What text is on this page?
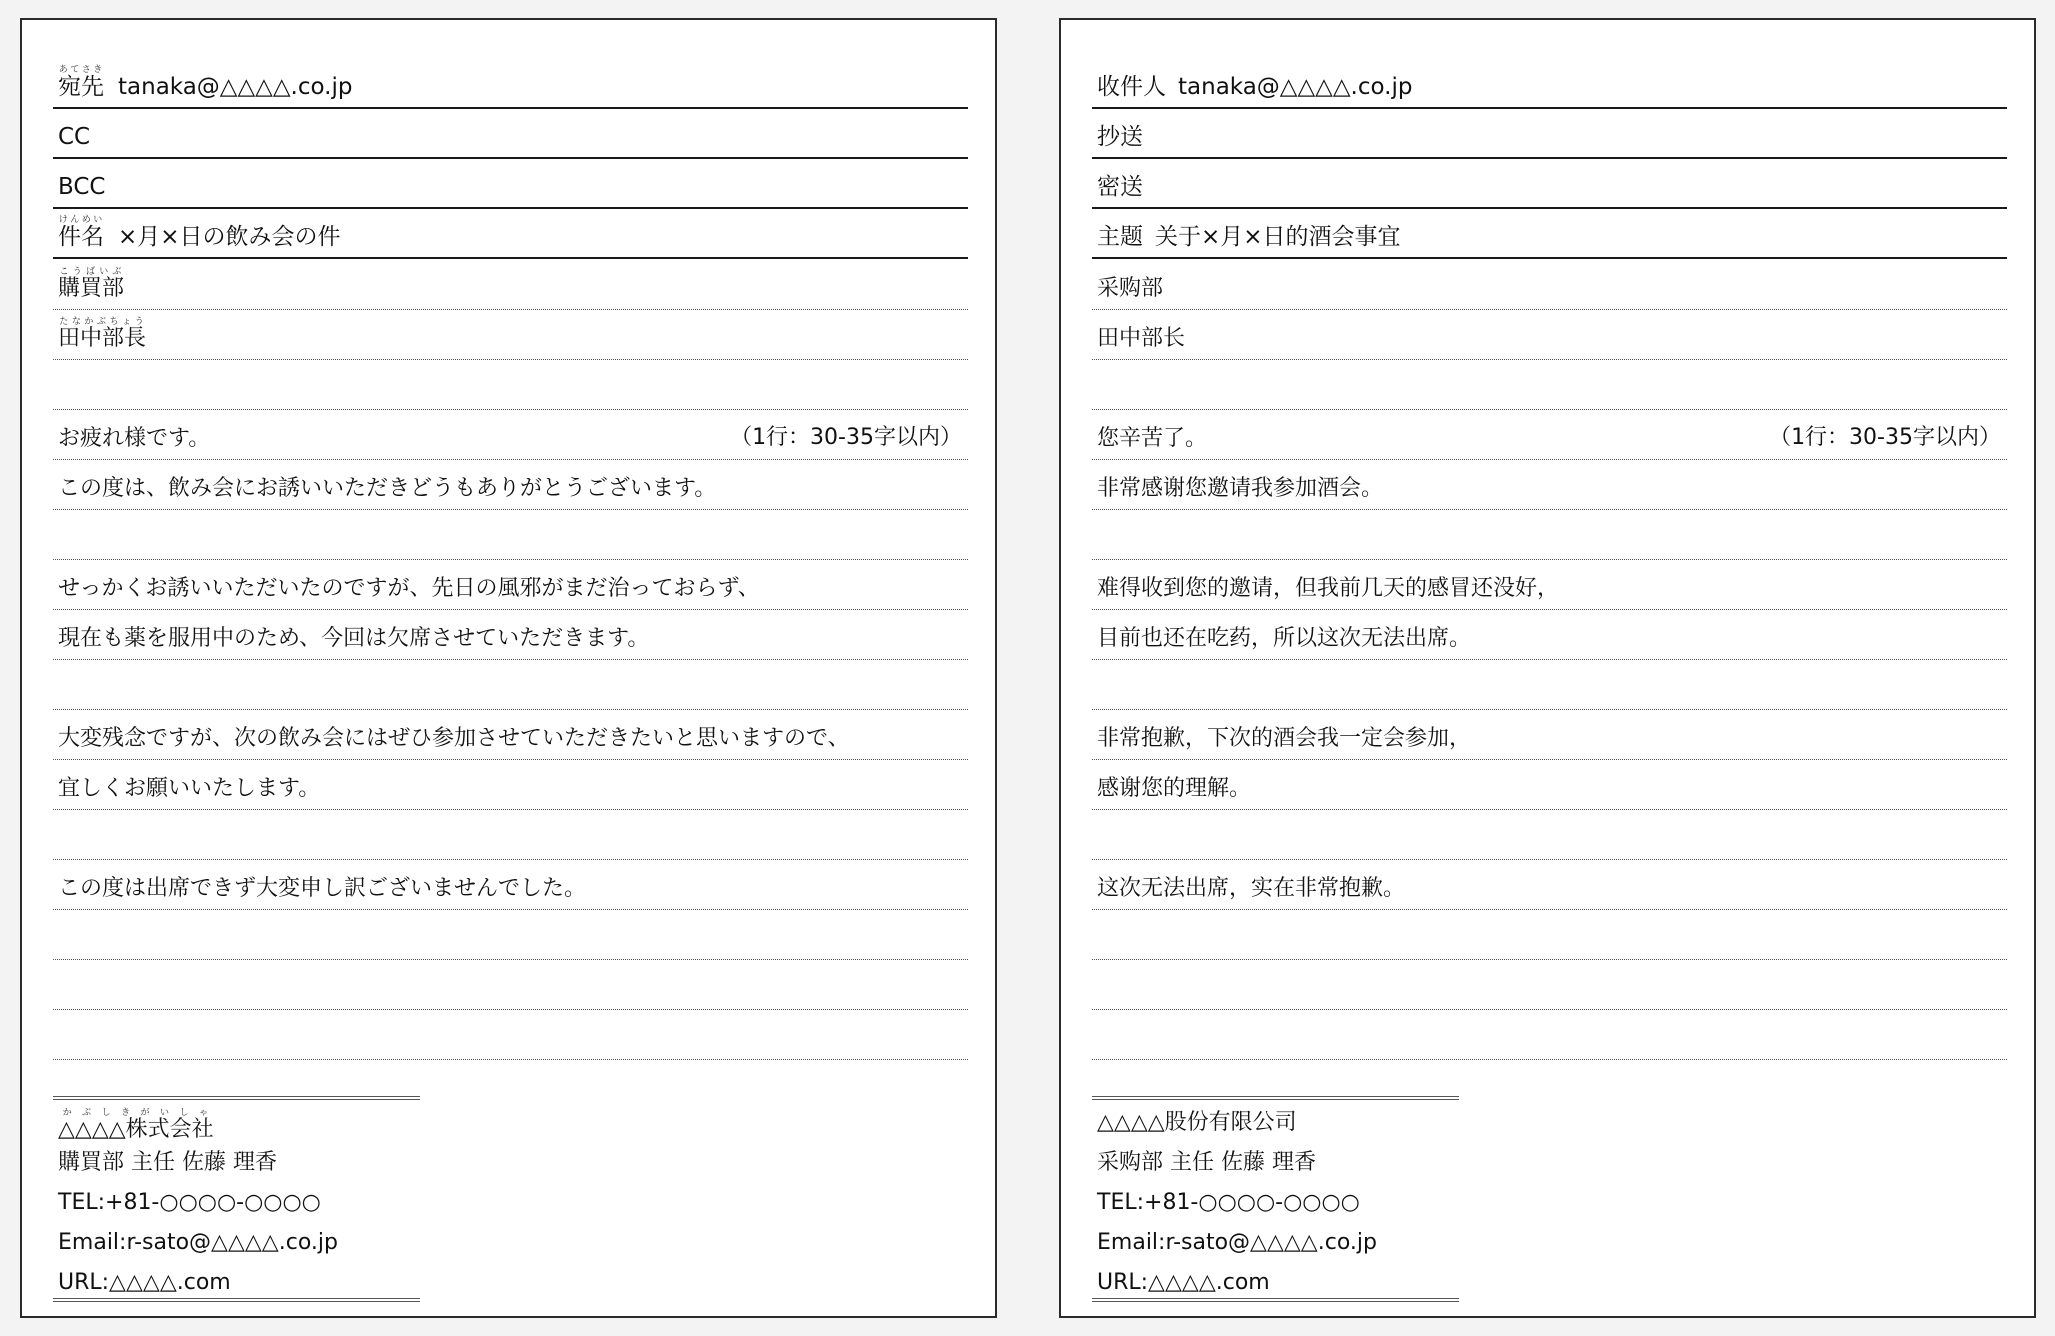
宛先あてさきtanaka@△△△△.co.jp
CC
BCC
件名けんめい×月×日の飲み会の件
購買部こうばいぶ
田中部長たなかぶちょう
お疲れ様です。	（1行：30-35字以内）
この度は、飲み会にお誘いいただきどうもありがとうございます。
せっかくお誘いいただいたのですが、先日の風邪がまだ治っておらず、
現在も薬を服用中のため、今回は欠席させていただきます。
大変残念ですが、次の飲み会にはぜひ参加させていただきたいと思いますので、
宜しくお願いいたします。
この度は出席できず大変申し訳ございませんでした。
△△△△株式会社かぶしきがいしゃ
購買部 主任 佐藤 理香
TEL:+81-○○○○-○○○○
Email:r-sato@△△△△.co.jp
URL:△△△△.com
收件人 tanaka@△△△△.co.jp
抄送
密送
主题 关于×月×日的酒会事宜
采购部
田中部长
您辛苦了。	（1行：30-35字以内）
非常感谢您邀请我参加酒会。
难得收到您的邀请，但我前几天的感冒还没好，
目前也还在吃药，所以这次无法出席。
非常抱歉，下次的酒会我一定会参加，
感谢您的理解。
这次无法出席，实在非常抱歉。
△△△△股份有限公司
采购部 主任 佐藤 理香
TEL:+81-○○○○-○○○○
Email:r-sato@△△△△.co.jp
URL:△△△△.com
